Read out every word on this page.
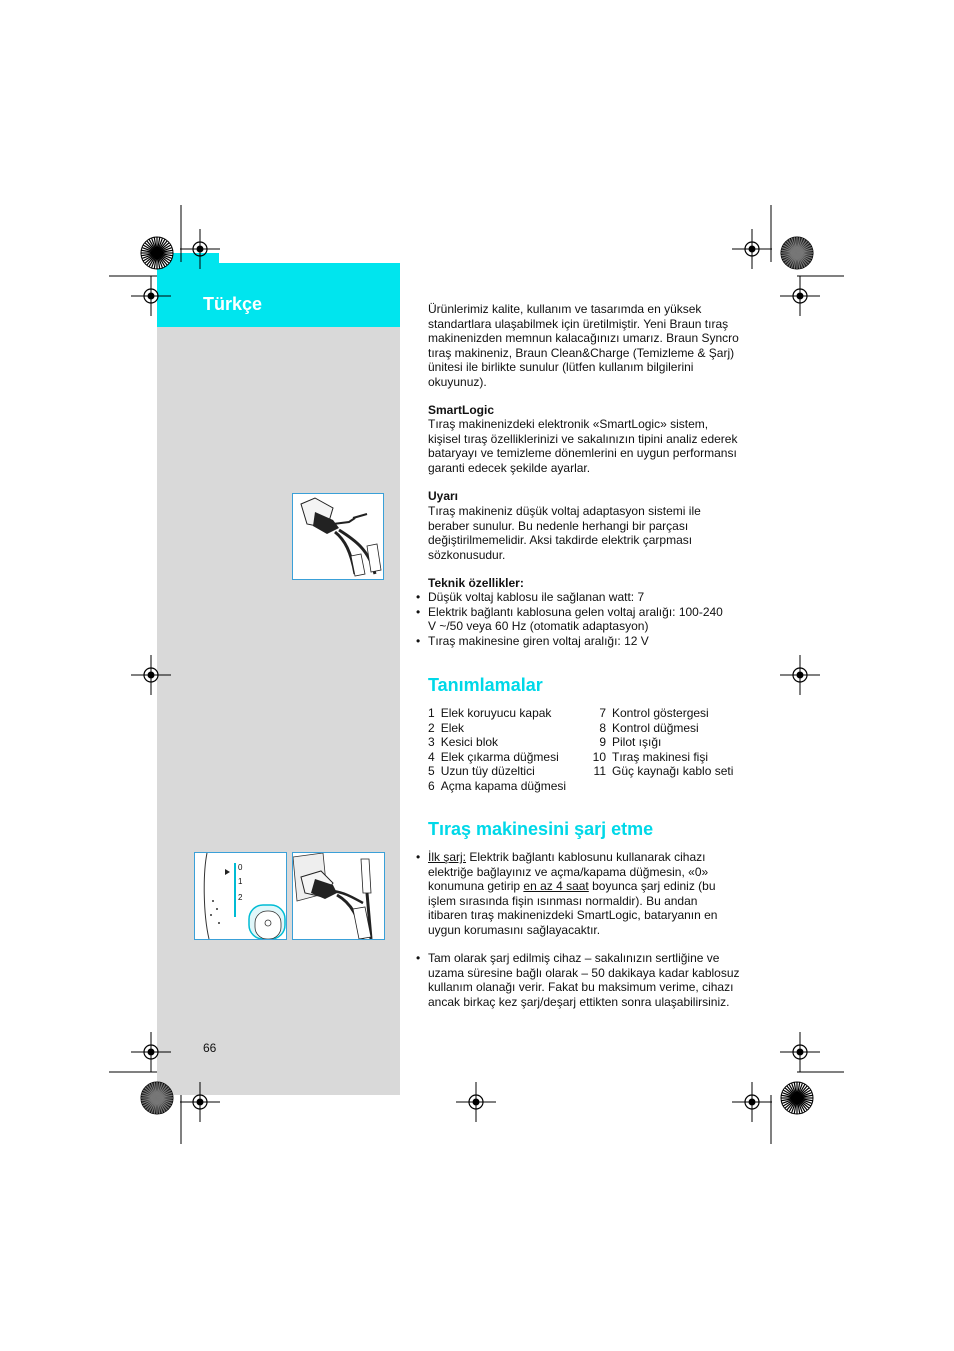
Türkçe
66
0
1
2
Ürünlerimiz kalite, kullanım ve tasarımda en yüksek standartlara ulaşabilmek için üretilmiştir. Yeni Braun tıraş makinenizden memnun kalacağınızı umarız. Braun Syncro tıraş makineniz, Braun Clean&Charge (Temizleme & Şarj) ünitesi ile birlikte sunulur (lütfen kullanım bilgilerini okuyunuz).
SmartLogic
Tıraş makinenizdeki elektronik «SmartLogic» sistem, kişisel tıraş özelliklerinizi ve sakalınızın tipini analiz ederek bataryayı ve temizleme dönemlerini en uygun performansı garanti edecek şekilde ayarlar.
Uyarı
Tıraş makineniz düşük voltaj adaptasyon sistemi ile beraber sunulur. Bu nedenle herhangi bir parçası değiştirilmemelidir. Aksi takdirde elektrik çarpması sözkonusudur.
Teknik özellikler:
• Düşük voltaj kablosu ile sağlanan watt: 7
• Elektrik bağlantı kablosuna gelen voltaj aralığı: 100-240 V ~/50 veya 60 Hz (otomatik adaptasyon)
• Tıraş makinesine giren voltaj aralığı: 12 V
Tanımlamalar
1	Elek koruyucu kapak
2	Elek
3	Kesici blok
4	Elek çıkarma düğmesi
5	Uzun tüy düzeltici
6	Açma kapama düğmesi
7	Kontrol göstergesi
8	Kontrol düğmesi
9	Pilot ışığı
10	Tıraş makinesi fişi
11	Güç kaynağı kablo seti
Tıraş makinesini şarj etme
• İlk şarj: Elektrik bağlantı kablosunu kullanarak cihazı elektriğe bağlayınız ve açma/kapama düğmesin, «0» konumuna getirip en az 4 saat boyunca şarj ediniz (bu işlem sırasında fişin ısınması normaldir). Bu andan itibaren tıraş makinenizdeki SmartLogic, bataryanın en uygun korumasını sağlayacaktır.
• Tam olarak şarj edilmiş cihaz – sakalınızın sertliğine ve uzama süresine bağlı olarak – 50 dakikaya kadar kablosuz kullanım olanağı verir. Fakat bu maksimum verime, cihazı ancak birkaç kez şarj/deşarj ettikten sonra ulaşabilirsiniz.
